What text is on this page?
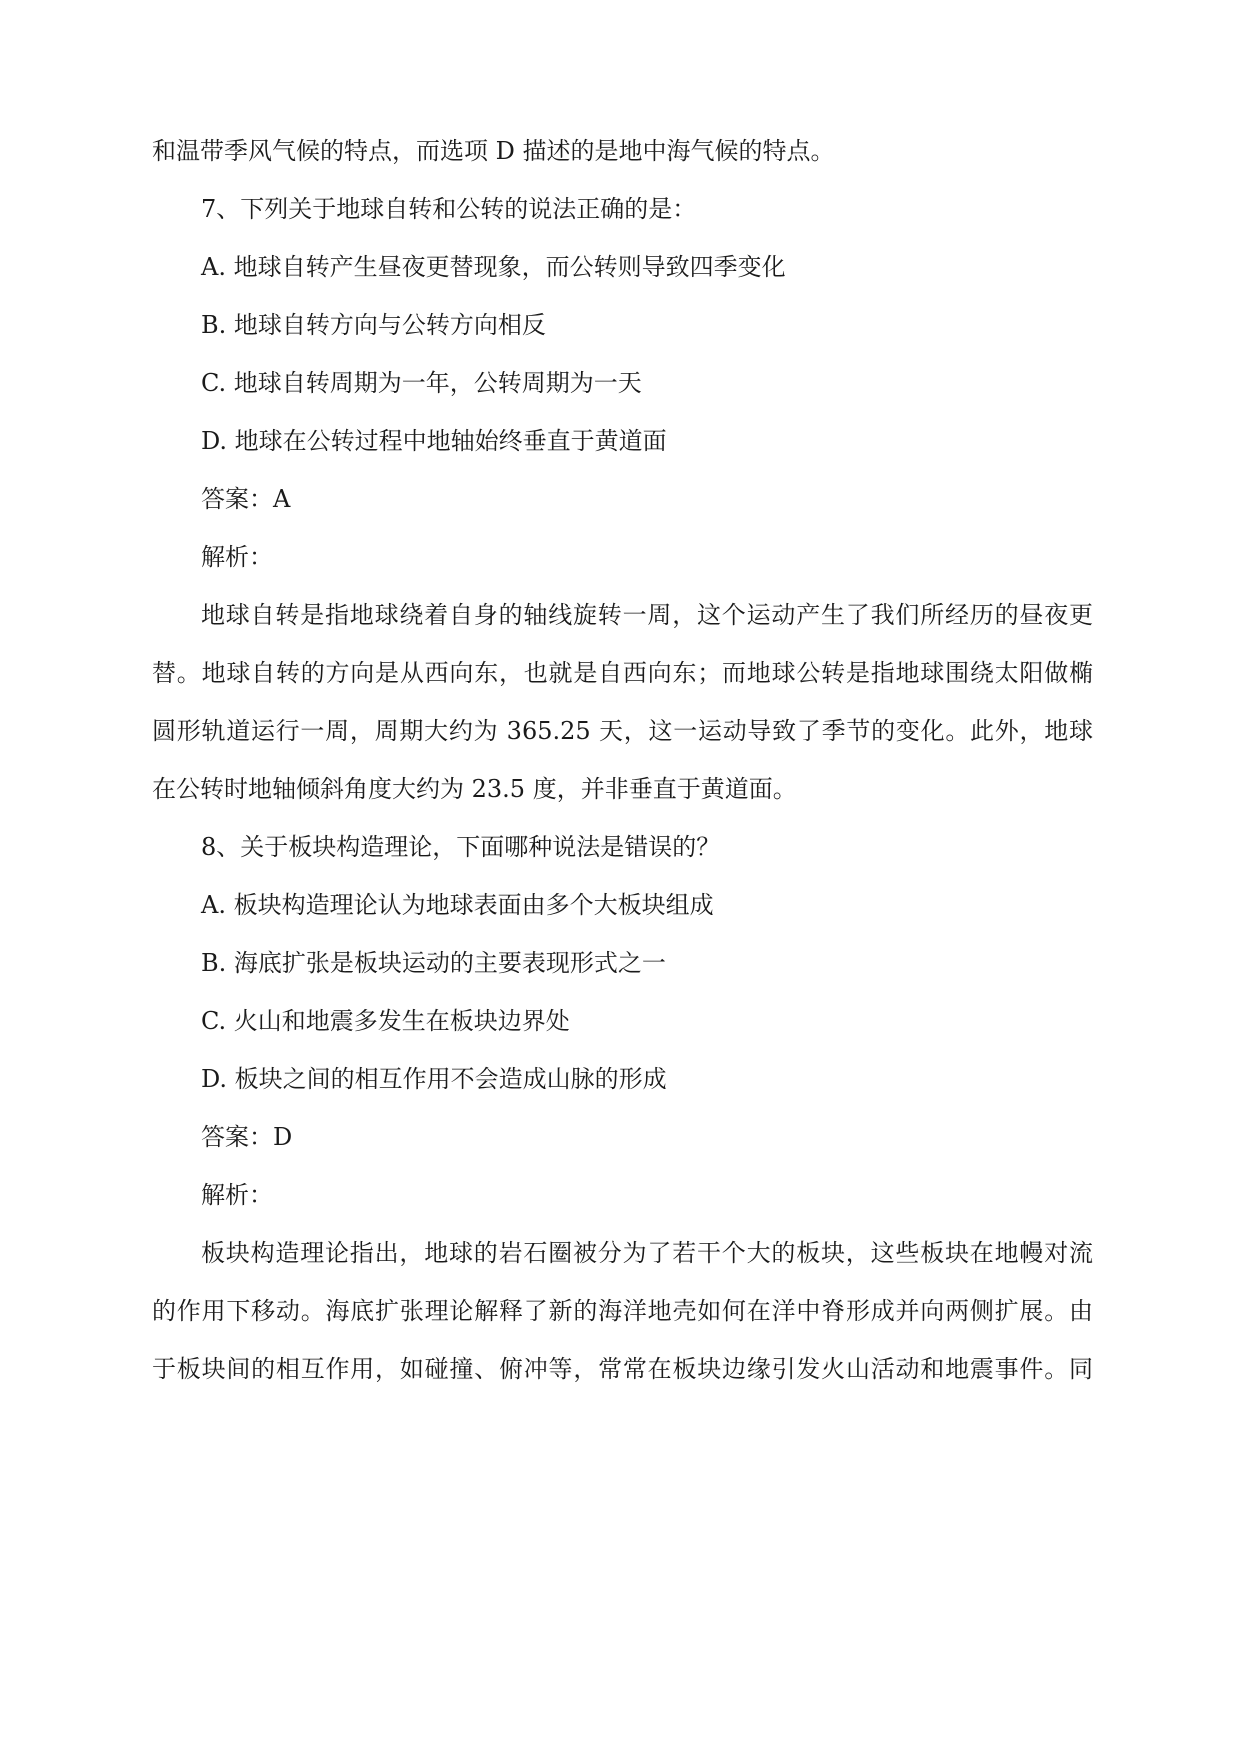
和温带季风气候的特点，而选项 D 描述的是地中海气候的特点。
7、下列关于地球自转和公转的说法正确的是：
A. 地球自转产生昼夜更替现象，而公转则导致四季变化
B. 地球自转方向与公转方向相反
C. 地球自转周期为一年，公转周期为一天
D. 地球在公转过程中地轴始终垂直于黄道面
答案：A
解析：
地球自转是指地球绕着自身的轴线旋转一周，这个运动产生了我们所经历的昼夜更
替。地球自转的方向是从西向东，也就是自西向东；而地球公转是指地球围绕太阳做椭
圆形轨道运行一周，周期大约为 365.25 天，这一运动导致了季节的变化。此外，地球
在公转时地轴倾斜角度大约为 23.5 度，并非垂直于黄道面。
8、关于板块构造理论，下面哪种说法是错误的？
A. 板块构造理论认为地球表面由多个大板块组成
B. 海底扩张是板块运动的主要表现形式之一
C. 火山和地震多发生在板块边界处
D. 板块之间的相互作用不会造成山脉的形成
答案：D
解析：
板块构造理论指出，地球的岩石圈被分为了若干个大的板块，这些板块在地幔对流
的作用下移动。海底扩张理论解释了新的海洋地壳如何在洋中脊形成并向两侧扩展。由
于板块间的相互作用，如碰撞、俯冲等，常常在板块边缘引发火山活动和地震事件。同
